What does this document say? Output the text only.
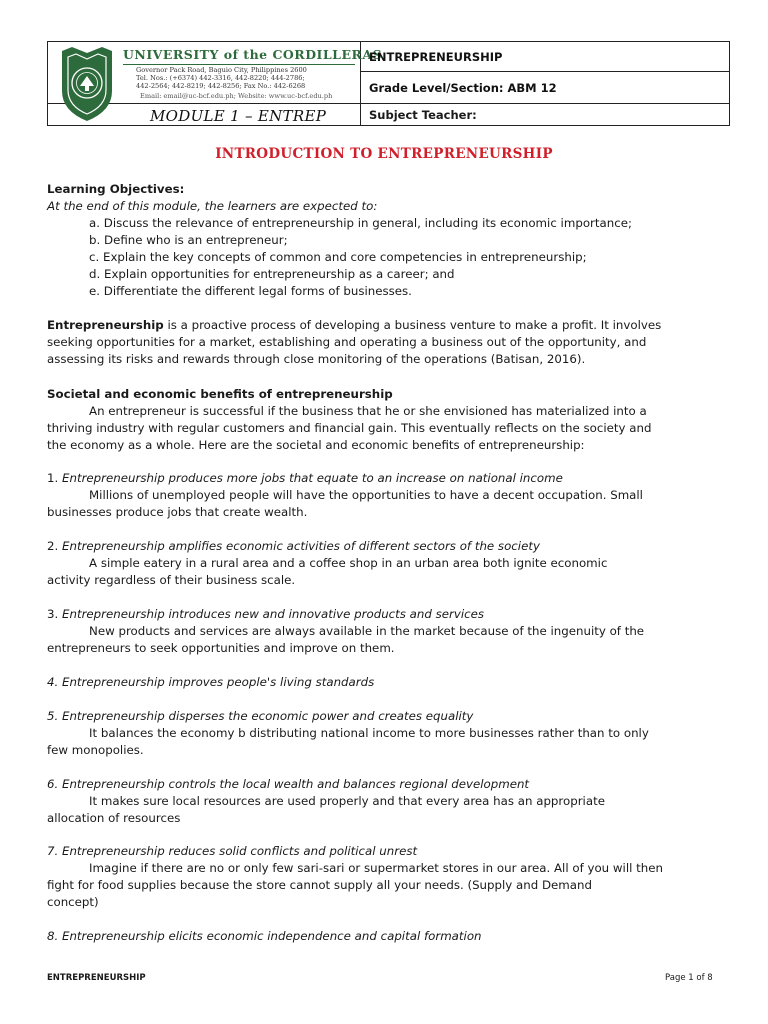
UNIVERSITY of the CORDILLERAS
Governor Pack Road, Baguio City, Philippines 2600
Tel. Nos.: (+6374) 442-3316, 442-8220; 444-2786;
442-2564; 442-8219; 442-8256; Fax No.: 442-6268
Email: email@uc-bcf.edu.ph; Website: www.uc-bcf.edu.ph
MODULE 1 – ENTREP
ENTREPRENEURSHIP
Grade Level/Section: ABM 12
Subject Teacher:
INTRODUCTION TO ENTREPRENEURSHIP
Learning Objectives:
At the end of this module, the learners are expected to:
a. Discuss the relevance of entrepreneurship in general, including its economic importance;
b. Define who is an entrepreneur;
c. Explain the key concepts of common and core competencies in entrepreneurship;
d. Explain opportunities for entrepreneurship as a career; and
e. Differentiate the different legal forms of businesses.
Entrepreneurship is a proactive process of developing a business venture to make a profit. It involves
seeking opportunities for a market, establishing and operating a business out of the opportunity, and
assessing its risks and rewards through close monitoring of the operations (Batisan, 2016).
Societal and economic benefits of entrepreneurship
An entrepreneur is successful if the business that he or she envisioned has materialized into a
thriving industry with regular customers and financial gain. This eventually reflects on the society and
the economy as a whole. Here are the societal and economic benefits of entrepreneurship:
1. Entrepreneurship produces more jobs that equate to an increase on national income
Millions of unemployed people will have the opportunities to have a decent occupation. Small
businesses produce jobs that create wealth.
2. Entrepreneurship amplifies economic activities of different sectors of the society
A simple eatery in a rural area and a coffee shop in an urban area both ignite economic
activity regardless of their business scale.
3. Entrepreneurship introduces new and innovative products and services
New products and services are always available in the market because of the ingenuity of the
entrepreneurs to seek opportunities and improve on them.
4. Entrepreneurship improves people's living standards
5. Entrepreneurship disperses the economic power and creates equality
It balances the economy b distributing national income to more businesses rather than to only
few monopolies.
6. Entrepreneurship controls the local wealth and balances regional development
It makes sure local resources are used properly and that every area has an appropriate
allocation of resources
7. Entrepreneurship reduces solid conflicts and political unrest
Imagine if there are no or only few sari-sari or supermarket stores in our area. All of you will then
fight for food supplies because the store cannot supply all your needs. (Supply and Demand
concept)
8. Entrepreneurship elicits economic independence and capital formation
ENTREPRENEURSHIP	Page 1 of 8
